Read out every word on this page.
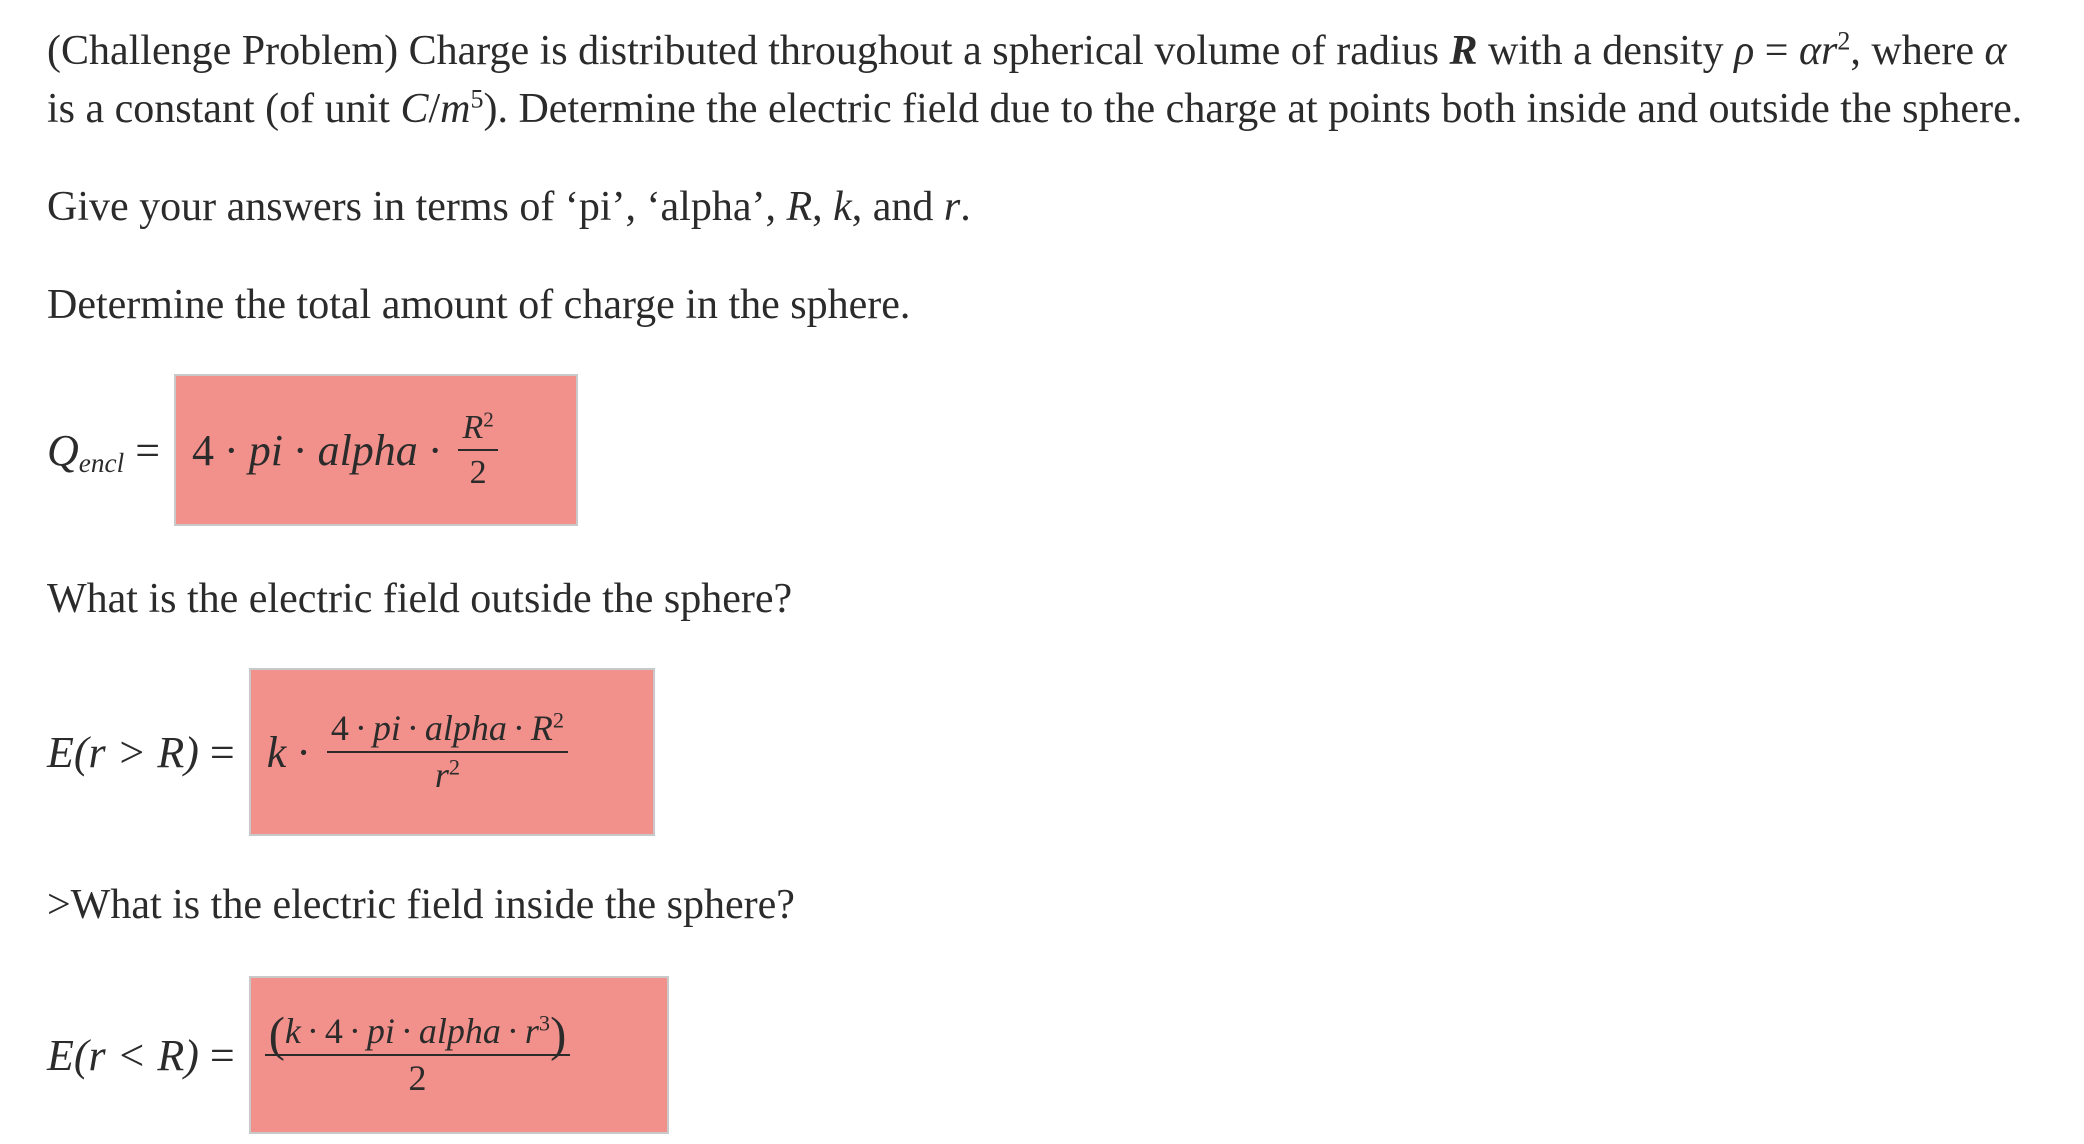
(Challenge Problem) Charge is distributed throughout a spherical volume of radius R with a density $\rho = \alpha r^2$, where α
is a constant (of unit $C/m^5$). Determine the electric field due to the charge at points both inside and outside the sphere.
Give your answers in terms of ‘pi’, ‘alpha’, R, k, and r.
Determine the total amount of charge in the sphere.
$Q_{encl} = 4$ · pi · alpha · $\frac{R^2}{2}$
What is the electric field outside the sphere?
$E(r > R) = k \cdot \frac{4 \cdot pi \cdot alpha \cdot R^2}{r^2}$
>What is the electric field inside the sphere?
$E(r < R) = \frac{(k \cdot 4 \cdot pi \cdot alpha \cdot r^3)}{2}$
